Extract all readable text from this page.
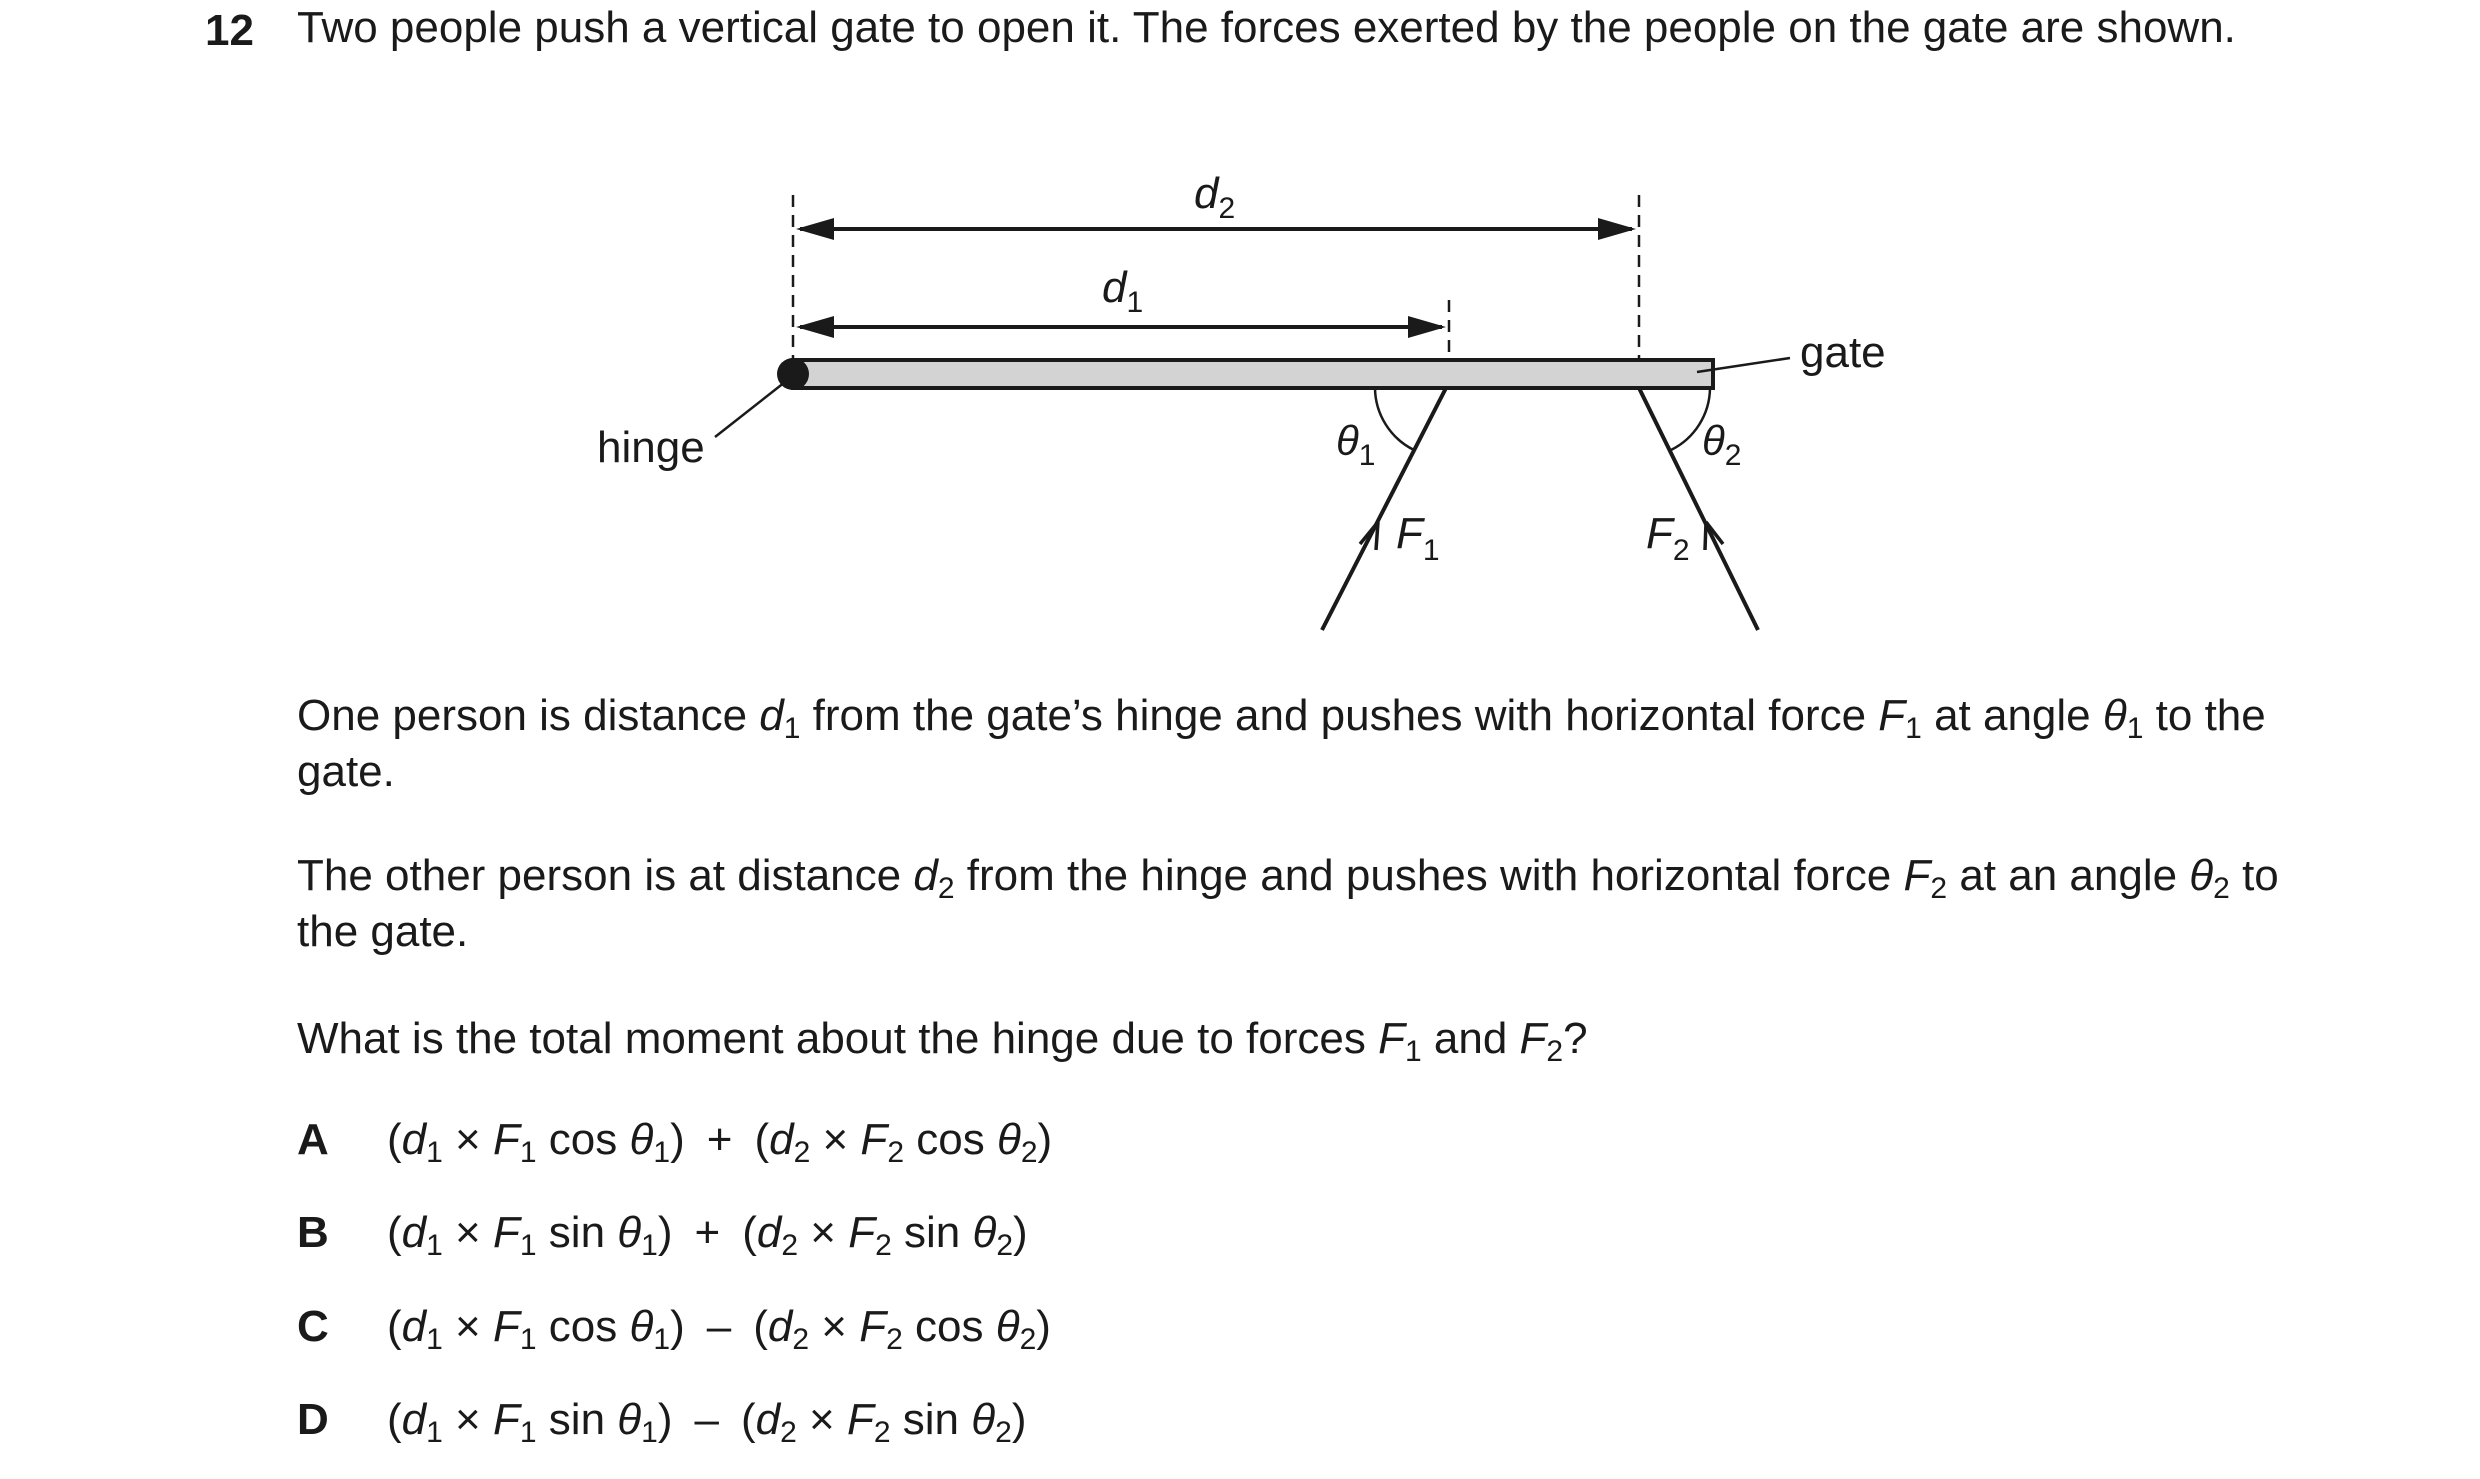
12 Two people push a vertical gate to open it. The forces exerted by the people on the gate are shown.
$d_2$
$d_1$
gate
hinge	$\theta_1$
$F_1$
$\theta_2$
$F_2$
One person is distance $d_1$ from the gate’s hinge and pushes with horizontal force $F_1$ at angle $\theta_1$ to the gate.
The other person is at distance $d_2$ from the hinge and pushes with horizontal force $F_2$ at an angle $\theta_2$ to the gate.
What is the total moment about the hinge due to forces $F_1$ and $F_2$?
A ($d_1 \times F_1$ $\cos \theta_1) + (d_2 \times F_2$ $\cos \theta_2$)
B ($d_1 \times F_1$ $\sin \theta_1) + (d_2 \times F_2$ $\sin \theta_2$)
C ($d_1 \times F_1$ $\cos \theta_1) - (d_2 \times F_2$ $\cos \theta_2$)
D ($d_1 \times F_1$ $\sin \theta_1) - (d_2 \times F_2$ $\sin \theta_2$)
